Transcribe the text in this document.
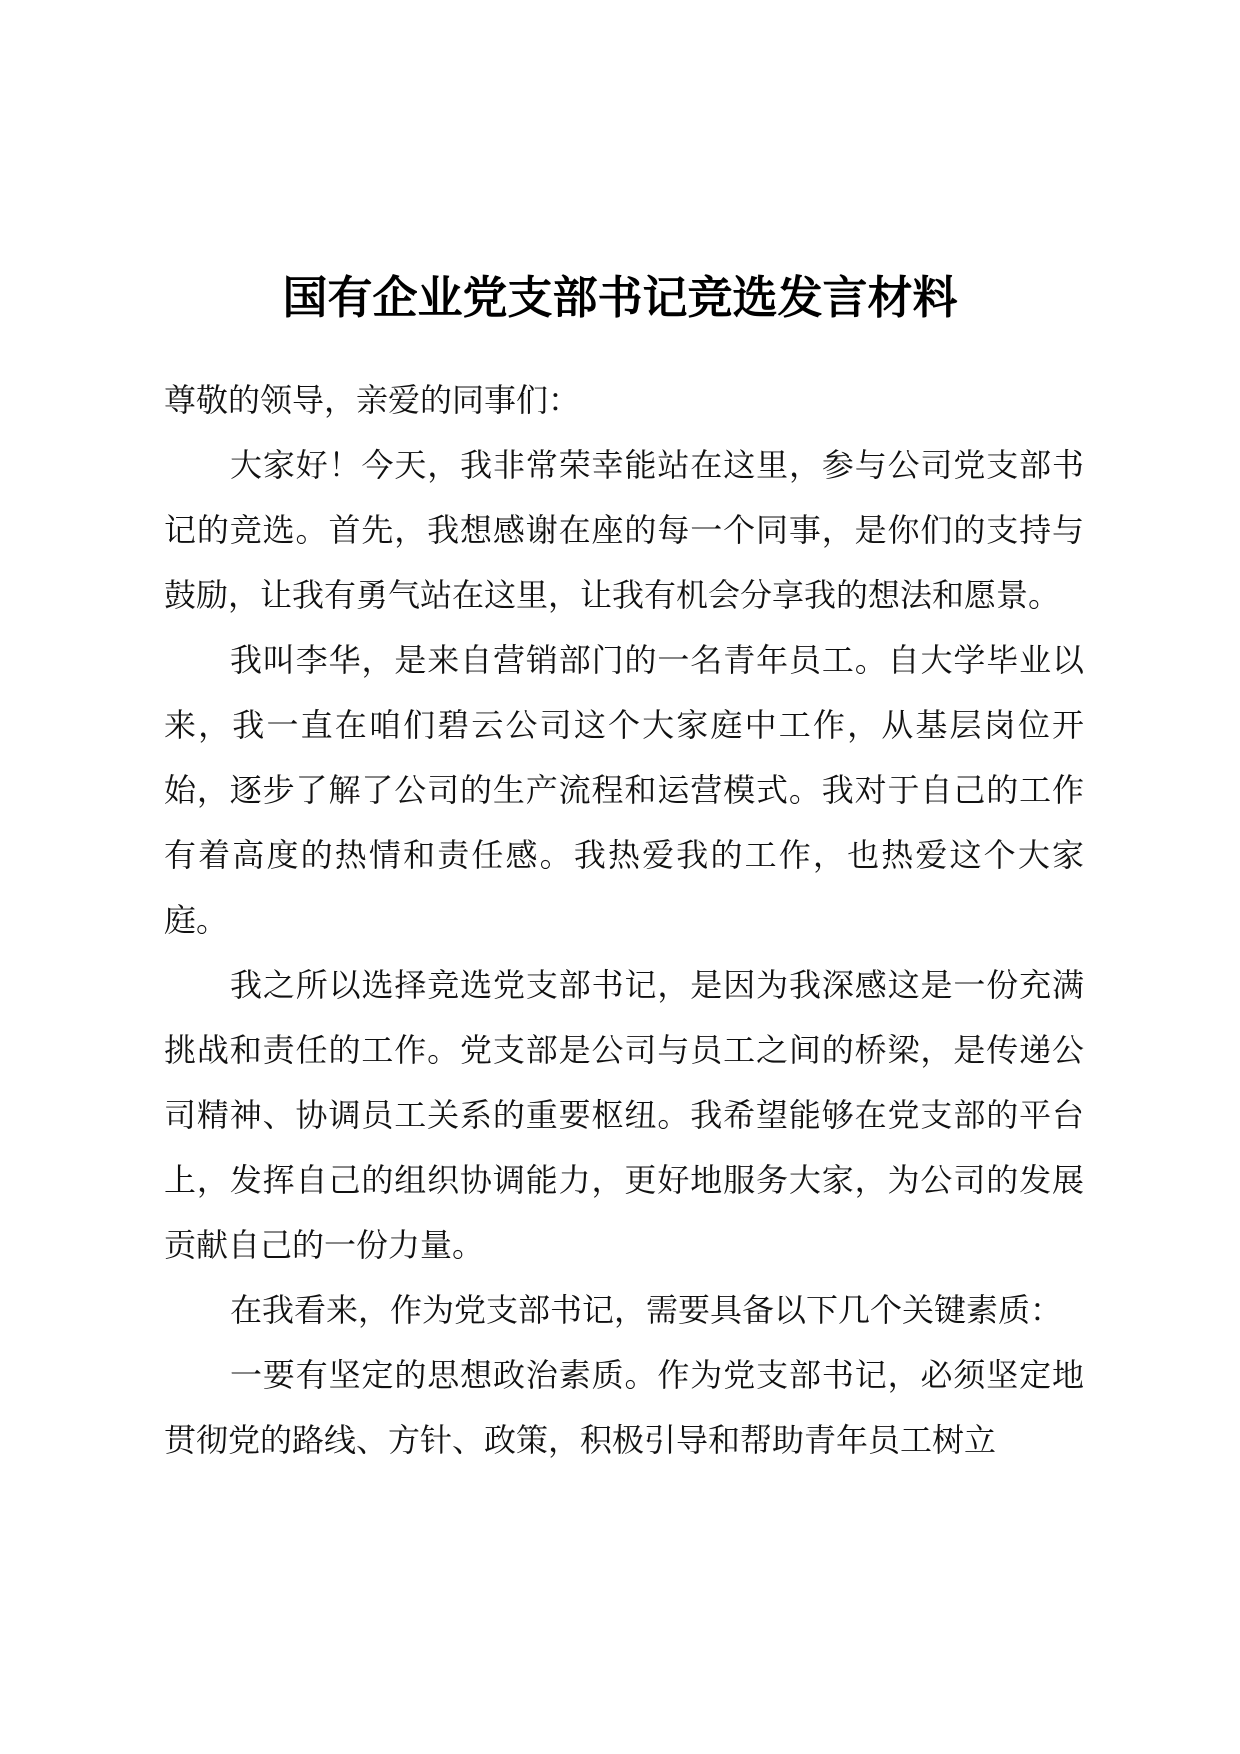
国有企业党支部书记竞选发言材料

尊敬的领导，亲爱的同事们：

大家好！今天，我非常荣幸能站在这里，参与公司党支部书记的竞选。首先，我想感谢在座的每一个同事，是你们的支持与鼓励，让我有勇气站在这里，让我有机会分享我的想法和愿景。

我叫李华，是来自营销部门的一名青年员工。自大学毕业以来，我一直在咱们碧云公司这个大家庭中工作，从基层岗位开始，逐步了解了公司的生产流程和运营模式。我对于自己的工作有着高度的热情和责任感。我热爱我的工作，也热爱这个大家庭。

我之所以选择竞选党支部书记，是因为我深感这是一份充满挑战和责任的工作。党支部是公司与员工之间的桥梁，是传递公司精神、协调员工关系的重要枢纽。我希望能够在党支部的平台上，发挥自己的组织协调能力，更好地服务大家，为公司的发展贡献自己的一份力量。

在我看来，作为党支部书记，需要具备以下几个关键素质：

一要有坚定的思想政治素质。作为党支部书记，必须坚定地贯彻党的路线、方针、政策，积极引导和帮助青年员工树立
